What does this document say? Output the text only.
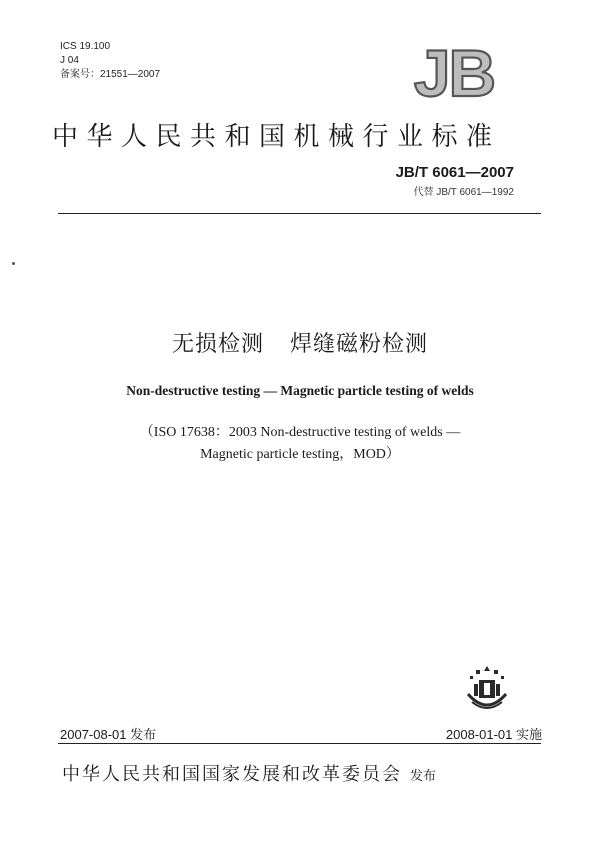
ICS 19.100
J 04
备案号：21551—2007	JB
中华人民共和国机械行业标准
JB/T 6061—2007
代替 JB/T 6061—1992
无损检测 焊缝磁粉检测
Non-destructive testing — Magnetic particle testing of welds
（ISO 17638：2003 Non-destructive testing of welds —
Magnetic particle testing，MOD）
2007-08-01 发布	2008-01-01 实施
中华人民共和国国家发展和改革委员会 发布
